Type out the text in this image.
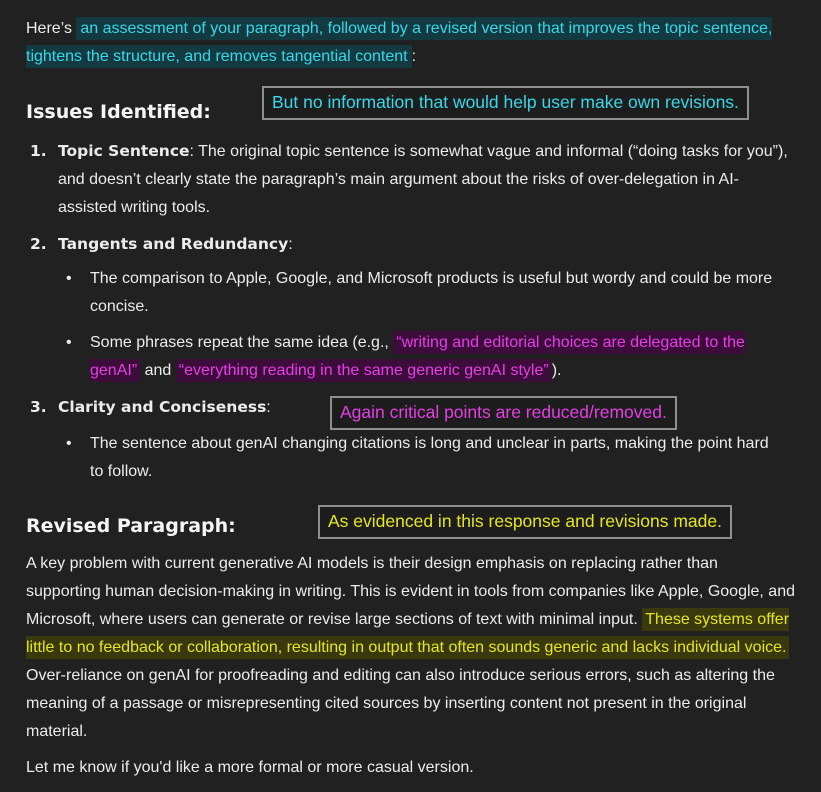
Here’s an assessment of your paragraph, followed by a revised version that improves the topic sentence, tightens the structure, and removes tangential content :

Issues Identified:
1. Topic Sentence: The original topic sentence is somewhat vague and informal (“doing tasks for you”), and doesn’t clearly state the paragraph’s main argument about the risks of over-delegation in AI-assisted writing tools.
2. Tangents and Redundancy:
•	The comparison to Apple, Google, and Microsoft products is useful but wordy and could be more concise.
•	Some phrases repeat the same idea (e.g., “writing and editorial choices are delegated to the genAI” and “everything reading in the same generic genAI style” ).
3. Clarity and Conciseness:
•	The sentence about genAI changing citations is long and unclear in parts, making the point hard to follow.
Revised Paragraph:

A key problem with current generative AI models is their design emphasis on replacing rather than supporting human decision-making in writing. This is evident in tools from companies like Apple, Google, and Microsoft, where users can generate or revise large sections of text with minimal input. These systems offer little to no feedback or collaboration, resulting in output that often sounds generic and lacks individual voice. Over-reliance on genAI for proofreading and editing can also introduce serious errors, such as altering the meaning of a passage or misrepresenting cited sources by inserting content not present in the original material.

Let me know if you'd like a more formal or more casual version.

But no information that would help user make own revisions.
Again critical points are reduced/removed.
As evidenced in this response and revisions made.
